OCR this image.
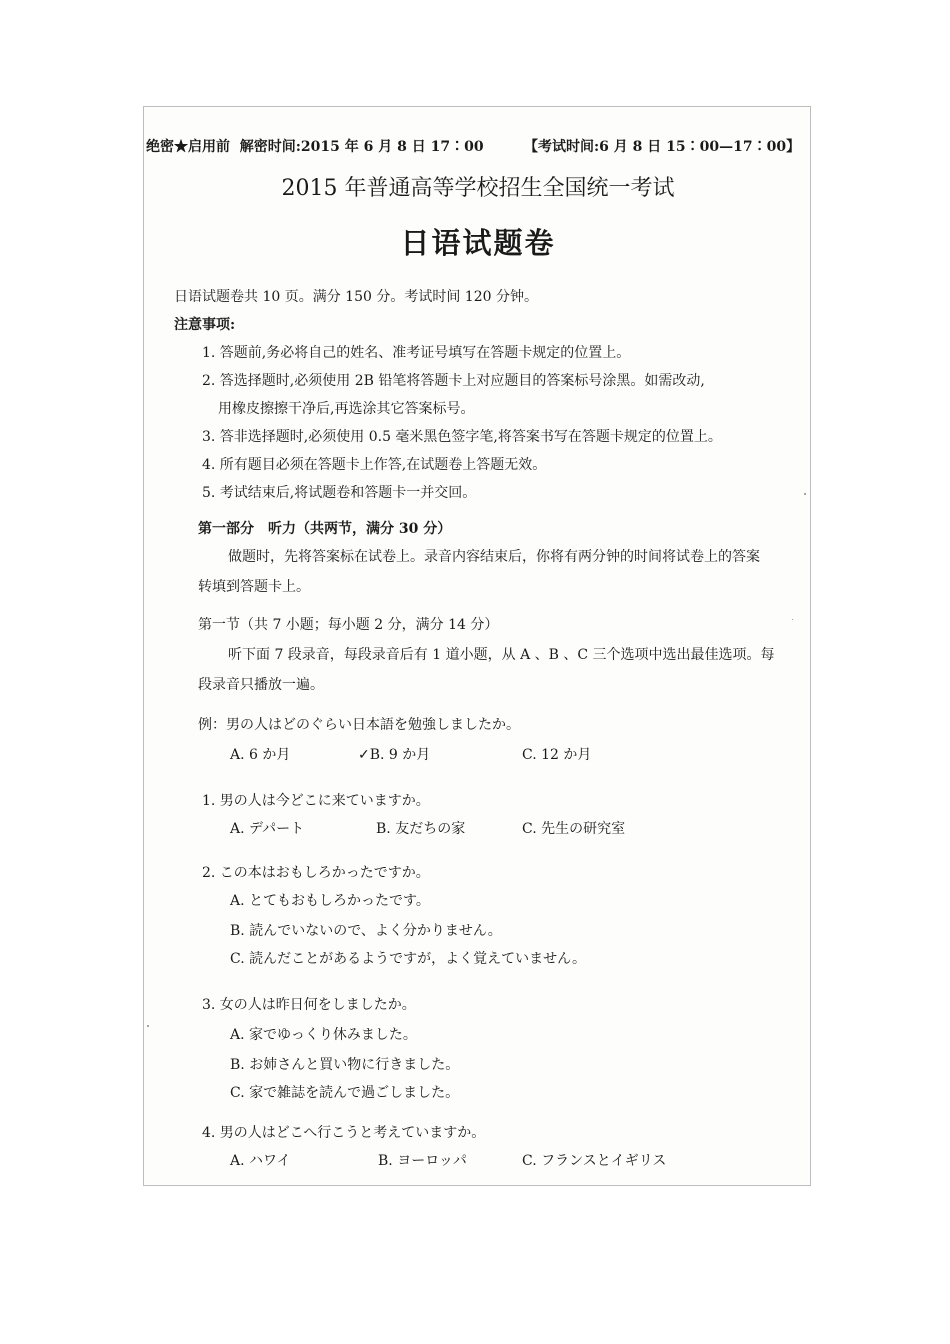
绝密★启用前 解密时间:2015 年 6 月 8 日 17∶00	【考试时间:6 月 8 日 15∶00—17∶00】
2015 年普通高等学校招生全国统一考试
日语试题卷
日语试题卷共 10 页。满分 150 分。考试时间 120 分钟。
注意事项:
1. 答题前,务必将自己的姓名、准考证号填写在答题卡规定的位置上。
2. 答选择题时,必须使用 2B 铅笔将答题卡上对应题目的答案标号涂黑。如需改动,
用橡皮擦擦干净后,再选涂其它答案标号。
3. 答非选择题时,必须使用 0.5 毫米黑色签字笔,将答案书写在答题卡规定的位置上。
4. 所有题目必须在答题卡上作答,在试题卷上答题无效。
5. 考试结束后,将试题卷和答题卡一并交回。
第一部分　听力（共两节，满分 30 分）
做题时，先将答案标在试卷上。录音内容结束后，你将有两分钟的时间将试卷上的答案
转填到答题卡上。
第一节（共 7 小题；每小题 2 分，满分 14 分）
听下面 7 段录音，每段录音后有 1 道小题，从 A 、B 、C 三个选项中选出最佳选项。每
段录音只播放一遍。
例：男の人はどのぐらい日本語を勉強しましたか。
A. 6 か月	✓B. 9 か月	C. 12 か月
1. 男の人は今どこに来ていますか。
A. デパート	B. 友だちの家	C. 先生の研究室
2. この本はおもしろかったですか。
A. とてもおもしろかったです。
B. 読んでいないので、よく分かりません。
C. 読んだことがあるようですが，よく覚えていません。
3. 女の人は昨日何をしましたか。
A. 家でゆっくり休みました。
B. お姉さんと買い物に行きました。
C. 家で雑誌を読んで過ごしました。
4. 男の人はどこへ行こうと考えていますか。
A. ハワイ	B. ヨーロッパ	C. フランスとイギリス
